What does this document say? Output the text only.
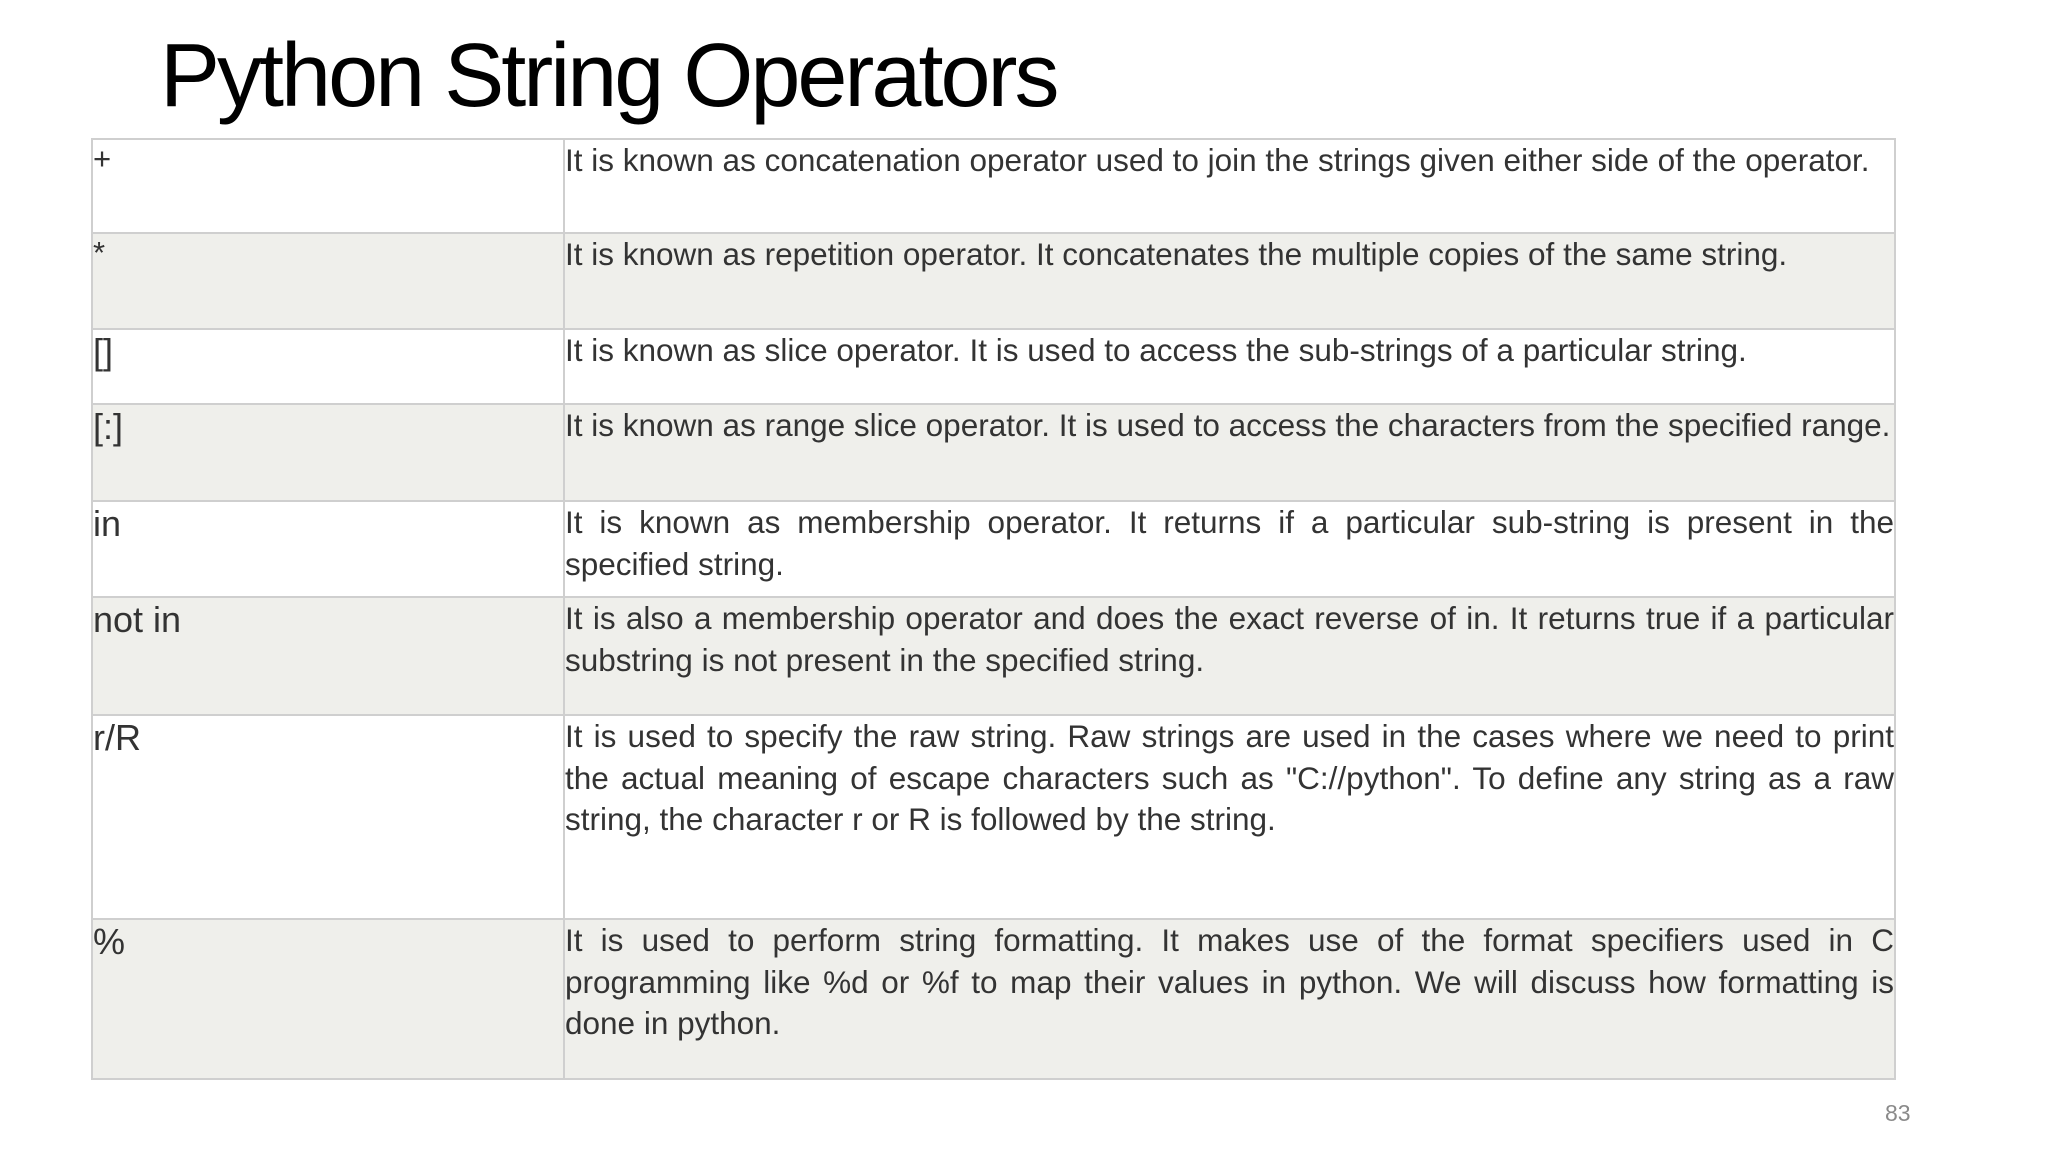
Python String Operators
+	It is known as concatenation operator used to join the strings given either side of the operator.
*	It is known as repetition operator. It concatenates the multiple copies of the same string.
[]	It is known as slice operator. It is used to access the sub-strings of a particular string.
[:]	It is known as range slice operator. It is used to access the characters from the specified range.
in	It is known as membership operator. It returns if a particular sub-string is present in the specified string.
not in	It is also a membership operator and does the exact reverse of in. It returns true if a particular substring is not present in the specified string.
r/R	It is used to specify the raw string. Raw strings are used in the cases where we need to print the actual meaning of escape characters such as "C://python". To define any string as a raw string, the character r or R is followed by the string.
%	It is used to perform string formatting. It makes use of the format specifiers used in C programming like %d or %f to map their values in python. We will discuss how formatting is done in python.
83
